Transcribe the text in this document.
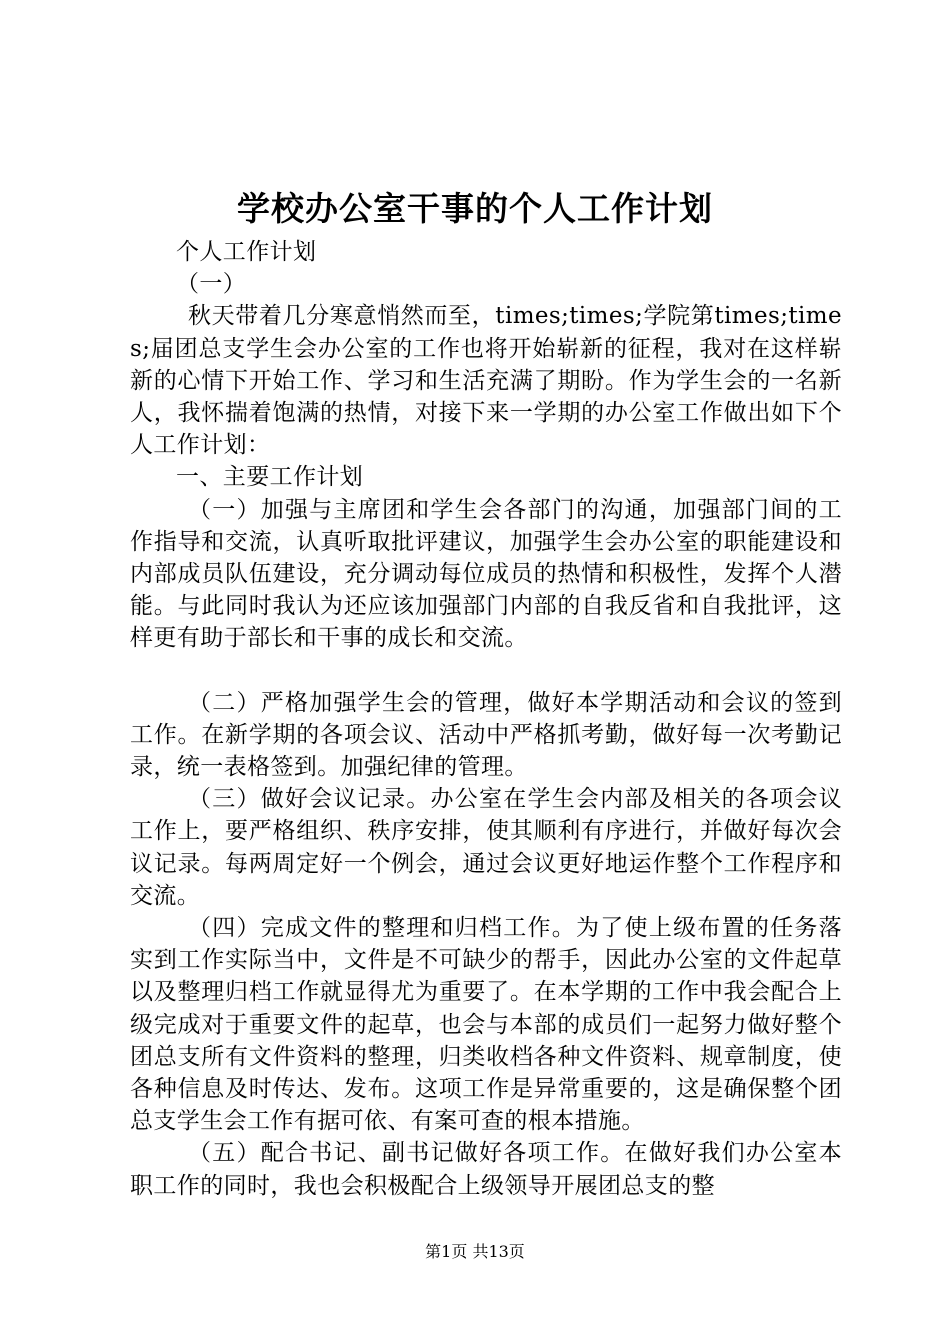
学校办公室干事的个人工作计划

个人工作计划

（一）

秋天带着几分寒意悄然而至，times;times;学院第times;times;届团总支学生会办公室的工作也将开始崭新的征程，我对在这样崭新的心情下开始工作、学习和生活充满了期盼。作为学生会的一名新人，我怀揣着饱满的热情，对接下来一学期的办公室工作做出如下个人工作计划：

一、主要工作计划

（一）加强与主席团和学生会各部门的沟通，加强部门间的工作指导和交流，认真听取批评建议，加强学生会办公室的职能建设和内部成员队伍建设，充分调动每位成员的热情和积极性，发挥个人潜能。与此同时我认为还应该加强部门内部的自我反省和自我批评，这样更有助于部长和干事的成长和交流。

（二）严格加强学生会的管理，做好本学期活动和会议的签到工作。在新学期的各项会议、活动中严格抓考勤，做好每一次考勤记录，统一表格签到。加强纪律的管理。

（三）做好会议记录。办公室在学生会内部及相关的各项会议工作上，要严格组织、秩序安排，使其顺利有序进行，并做好每次会议记录。每两周定好一个例会，通过会议更好地运作整个工作程序和交流。

（四）完成文件的整理和归档工作。为了使上级布置的任务落实到工作实际当中，文件是不可缺少的帮手，因此办公室的文件起草以及整理归档工作就显得尤为重要了。在本学期的工作中我会配合上级完成对于重要文件的起草，也会与本部的成员们一起努力做好整个团总支所有文件资料的整理，归类收档各种文件资料、规章制度，使各种信息及时传达、发布。这项工作是异常重要的，这是确保整个团总支学生会工作有据可依、有案可查的根本措施。

（五）配合书记、副书记做好各项工作。在做好我们办公室本职工作的同时，我也会积极配合上级领导开展团总支的整

第1页 共13页
